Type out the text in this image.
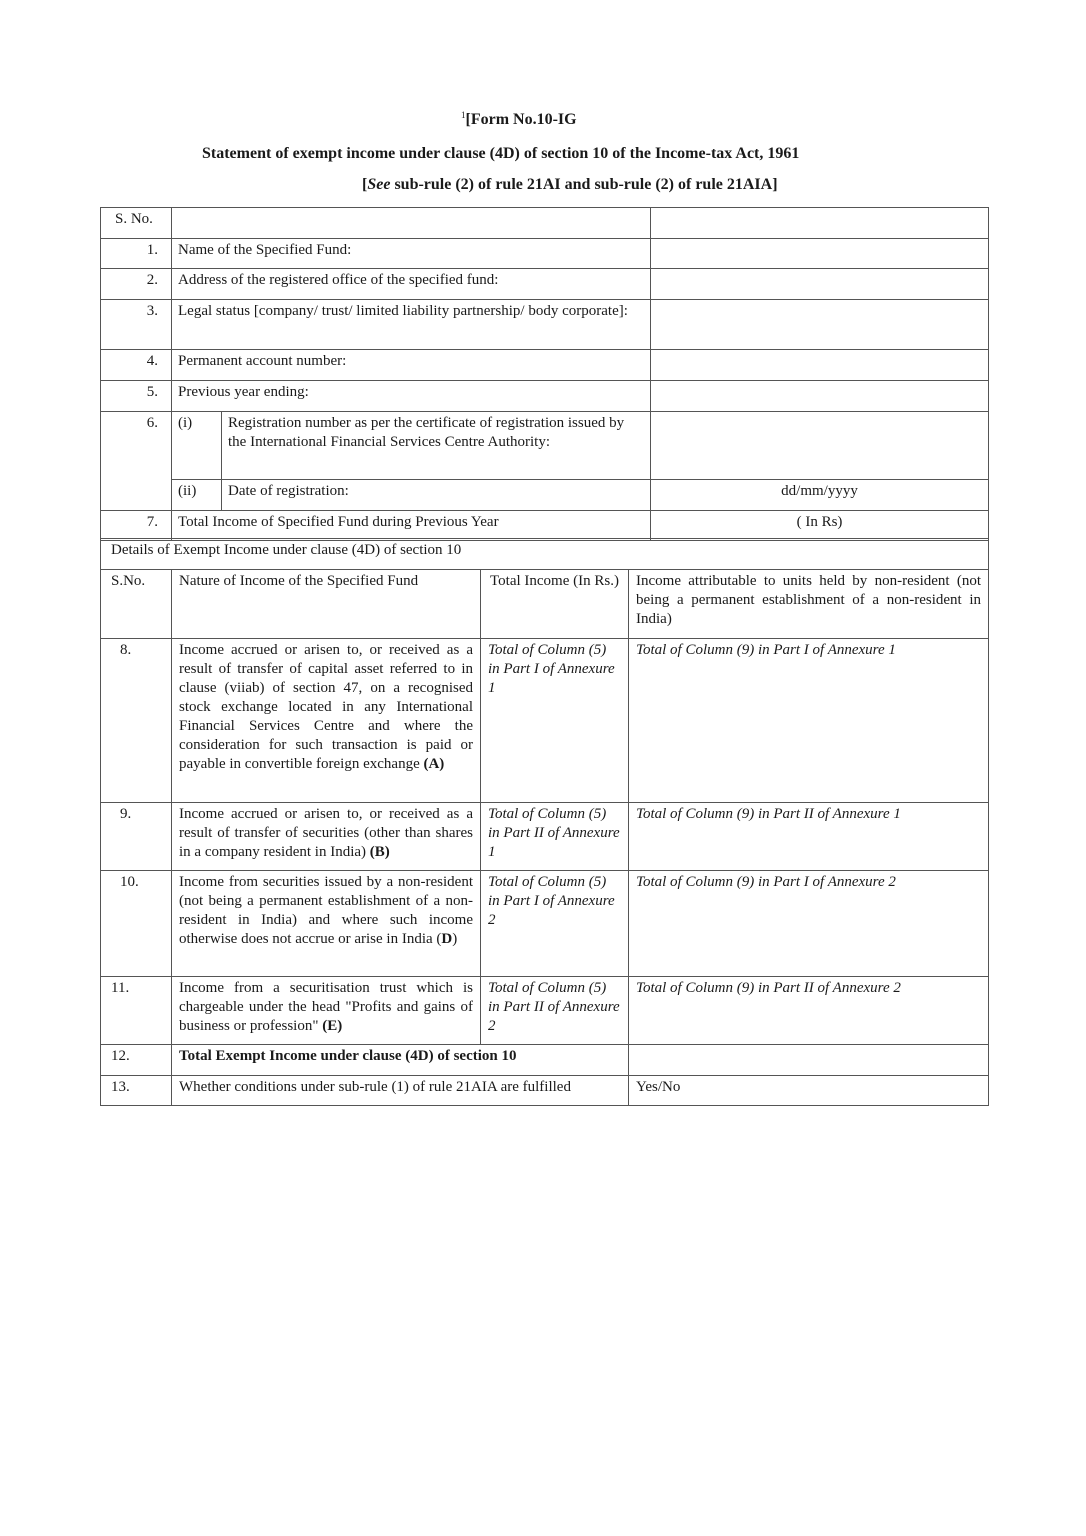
$^1$[Form No.10-IG
Statement of exempt income under clause (4D) of section 10 of the Income-tax Act, 1961
[See sub-rule (2) of rule 21AI and sub-rule (2) of rule 21AIA]
S. No.			
1.	Name of the Specified Fund:		
2.	Address of the registered office of the specified fund:		
3.	Legal status [company/ trust/ limited liability partnership/ body corporate]:		
4.	Permanent account number:		
5.	Previous year ending:		
6.	(i)	Registration number as per the certificate of registration issued by the International Financial Services Centre Authority:	
	(ii)	Date of registration:	dd/mm/yyyy
7.	Total Income of Specified Fund during Previous Year		( In Rs)
Details of Exempt Income under clause (4D) of section 10			
S.No.	Nature of Income of the Specified Fund	Total Income (In Rs.)	Income attributable to units held by non-resident (not being a permanent establishment of a non-resident in India)
8.	Income accrued or arisen to, or received as a result of transfer of capital asset referred to in clause (viiab) of section 47, on a recognised stock exchange located in any International Financial Services Centre and where the consideration for such transaction is paid or payable in convertible foreign exchange (A)	Total of Column (5) in Part I of Annexure 1	Total of Column (9) in Part I of Annexure 1
9.	Income accrued or arisen to, or received as a result of transfer of securities (other than shares in a company resident in India) (B)	Total of Column (5) in Part II of Annexure 1	Total of Column (9) in Part II of Annexure 1
10.	Income from securities issued by a non-resident (not being a permanent establishment of a non-resident in India) and where such income otherwise does not accrue or arise in India (D)	Total of Column (5) in Part I of Annexure 2	Total of Column (9) in Part I of Annexure 2
11.	Income from a securitisation trust which is chargeable under the head "Profits and gains of business or profession" (E)	Total of Column (5) in Part II of Annexure 2	Total of Column (9) in Part II of Annexure 2
12.	Total Exempt Income under clause (4D) of section 10		
13.	Whether conditions under sub-rule (1) of rule 21AIA are fulfilled		Yes/No
